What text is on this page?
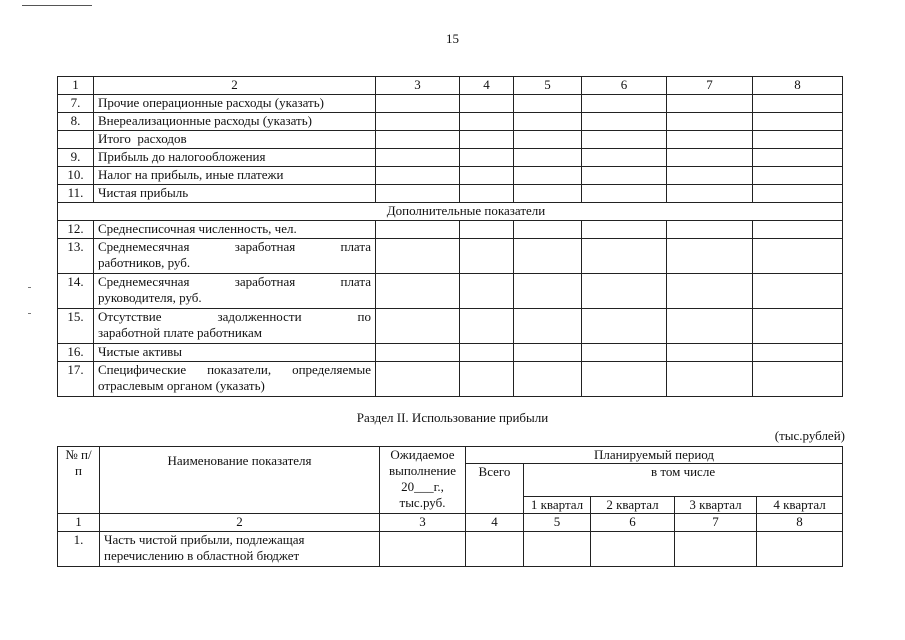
15
1	2	3	4	5	6	7	8
7.	Прочие операционные расходы (указать)						
8.	Внереализационные расходы (указать)						
	Итого  расходов						
9.	Прибыль до налогообложения						
10.	Налог на прибыль, иные платежи						
11.	Чистая прибыль						
Дополнительные показатели							
12.	Среднесписочная численность, чел.						
13.	Среднемесячная заработная плата
работников, руб.						

14.	Среднемесячная заработная плата
руководителя, руб.						

15.	Отсутствие задолженности по
заработной плате работникам						

16.	Чистые активы						
17.	Специфические показатели, определяемые отраслевым органом (указать)						
Раздел II. Использование прибыли
(тыс.рублей)
№ п/п	Наименование показателя	Ожидаемое выполнение 20___г., тыс.руб.	Планируемый период				
			Всего	в том числе			
				1 квартал	2 квартал	3 квартал	4 квартал
1	2	3	4	5	6	7	8
1.	Часть чистой прибыли, подлежащая перечислению в областной бюджет						
